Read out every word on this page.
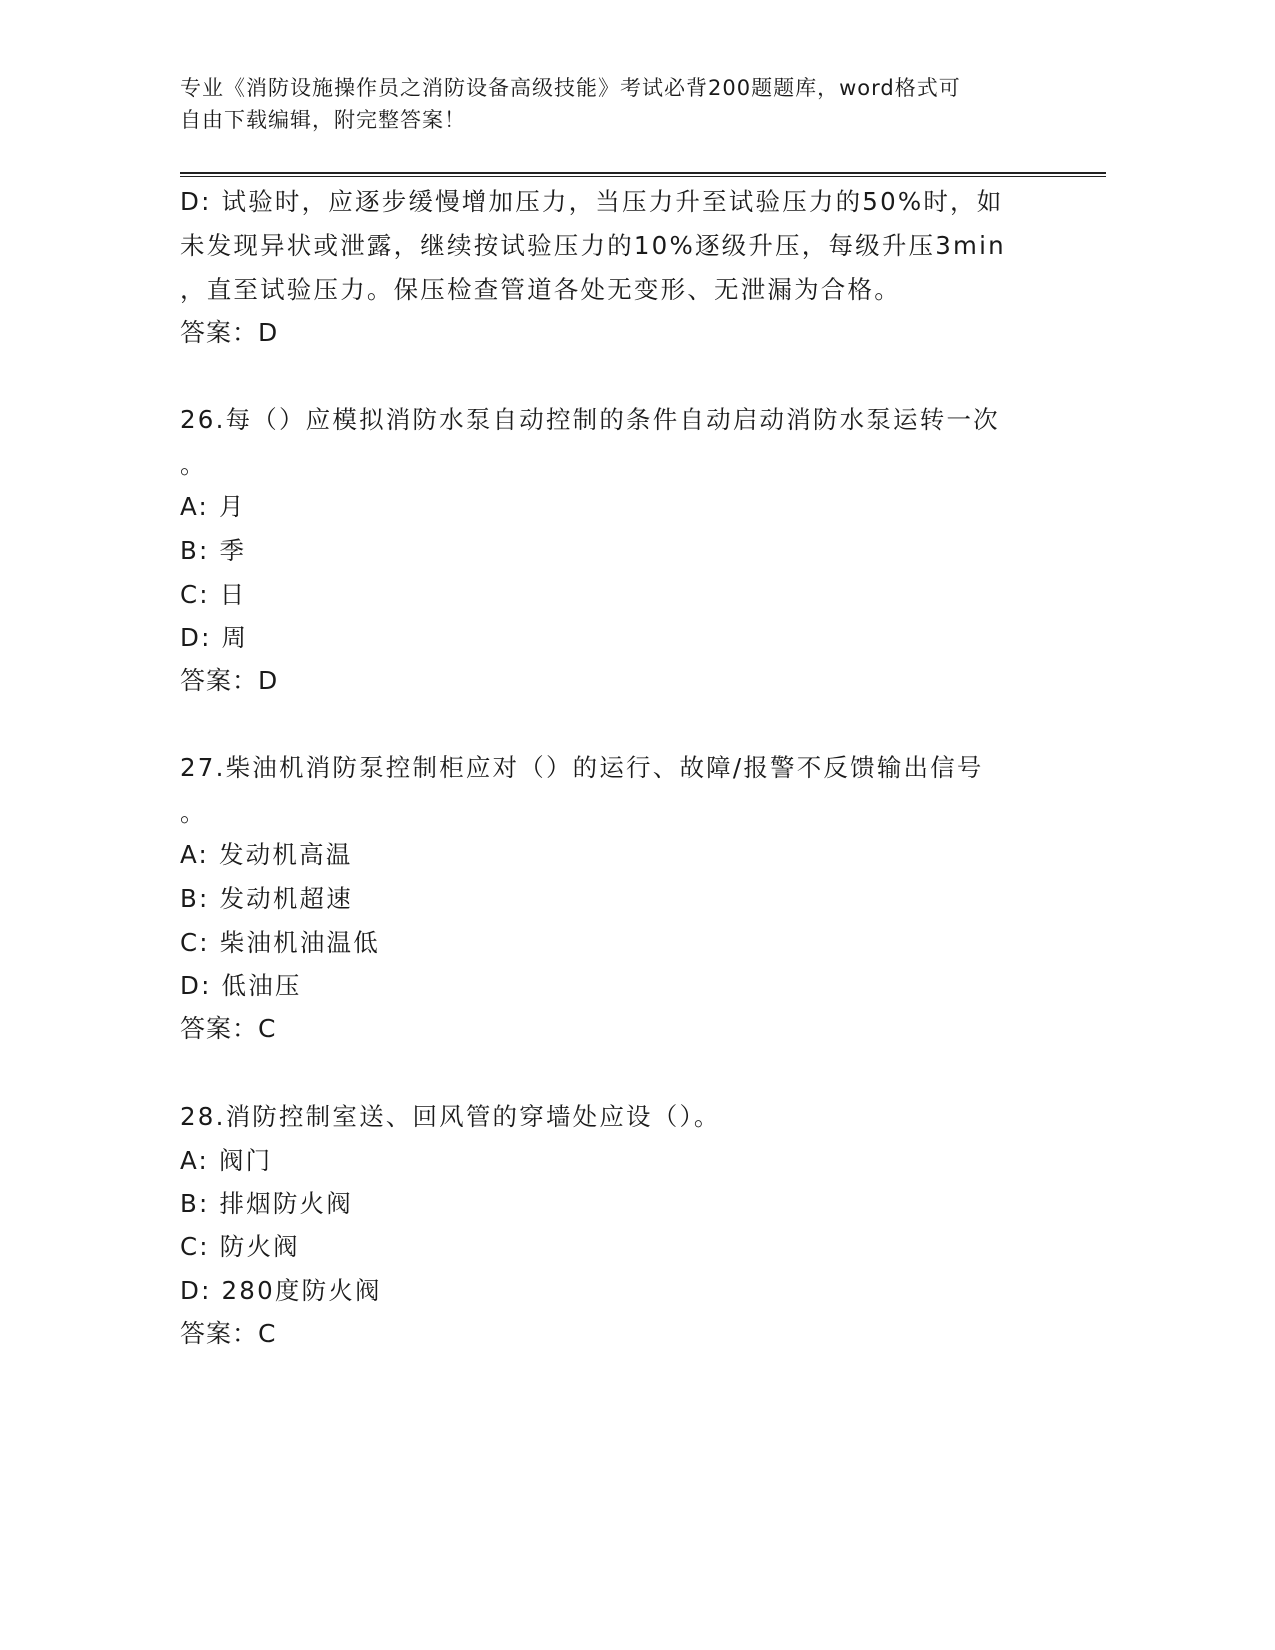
专业《消防设施操作员之消防设备高级技能》考试必背200题题库，word格式可
自由下载编辑，附完整答案！
D: 试验时，应逐步缓慢增加压力，当压力升至试验压力的50%时，如
未发现异状或泄露，继续按试验压力的10%逐级升压，每级升压3min
，直至试验压力。保压检查管道各处无变形、无泄漏为合格。
答案：D
26.每（）应模拟消防水泵自动控制的条件自动启动消防水泵运转一次
。
A: 月
B: 季
C: 日
D: 周
答案：D
27.柴油机消防泵控制柜应对（）的运行、故障/报警不反馈输出信号
。
A: 发动机高温
B: 发动机超速
C: 柴油机油温低
D: 低油压
答案：C
28.消防控制室送、回风管的穿墙处应设（）。
A: 阀门
B: 排烟防火阀
C: 防火阀
D: 280度防火阀
答案：C
